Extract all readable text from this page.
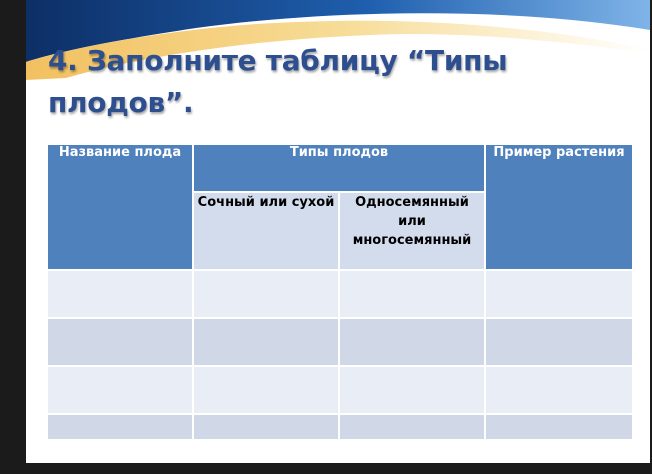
4. Заполните таблицу “Типы плодов”.
Название плода	Типы плодов		Пример растения
	Сочный или сухой	Односемянный или многосемянный	
